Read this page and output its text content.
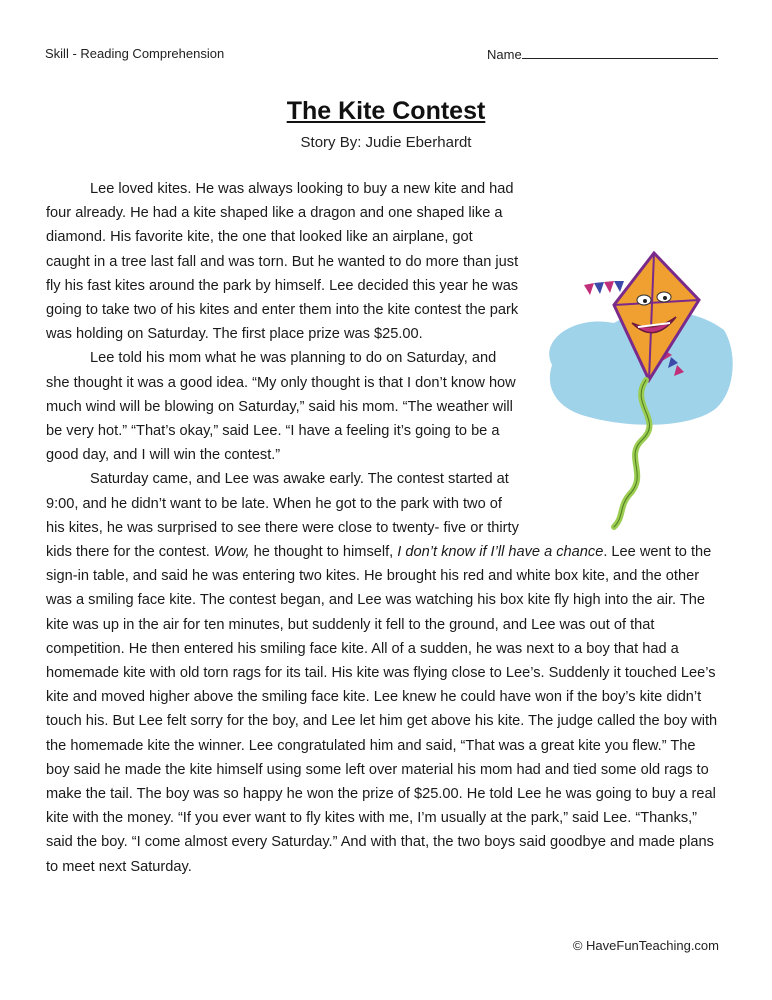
Skill - Reading Comprehension	Name
The Kite Contest
Story By: Judie Eberhardt

Lee loved kites. He was always looking to buy a new kite and had four already. He had a kite shaped like a dragon and one shaped like a diamond. His favorite kite, the one that looked like an airplane, got caught in a tree last fall and was torn. But he wanted to do more than just fly his fast kites around the park by himself. Lee decided this year he was going to take two of his kites and enter them into the kite contest the park was holding on Saturday. The first place prize was $25.00.

Lee told his mom what he was planning to do on Saturday, and she thought it was a good idea. “My only thought is that I don’t know how much wind will be blowing on Saturday,” said his mom. “The weather will be very hot.” “That’s okay,” said Lee. “I have a feeling it’s going to be a good day, and I will win the contest.”

Saturday came, and Lee was awake early. The contest started at 9:00, and he didn’t want to be late. When he got to the park with two of his kites, he was surprised to see there were close to twenty- five or thirty kids there for the contest. Wow, he thought to himself, I don’t know if I’ll have a chance. Lee went to the sign-in table, and said he was entering two kites. He brought his red and white box kite, and the other was a smiling face kite. The contest began, and Lee was watching his box kite fly high into the air. The kite was up in the air for ten minutes, but suddenly it fell to the ground, and Lee was out of that competition. He then entered his smiling face kite. All of a sudden, he was next to a boy that had a homemade kite with old torn rags for its tail. His kite was flying close to Lee’s. Suddenly it touched Lee’s kite and moved higher above the smiling face kite. Lee knew he could have won if the boy’s kite didn’t touch his. But Lee felt sorry for the boy, and Lee let him get above his kite. The judge called the boy with the homemade kite the winner. Lee congratulated him and said, “That was a great kite you flew.” The boy said he made the kite himself using some left over material his mom had and tied some old rags to make the tail. The boy was so happy he won the prize of $25.00. He told Lee he was going to buy a real kite with the money. “If you ever want to fly kites with me, I’m usually at the park,” said Lee. “Thanks,” said the boy. “I come almost every Saturday.” And with that, the two boys said goodbye and made plans to meet next Saturday.

© HaveFunTeaching.com
